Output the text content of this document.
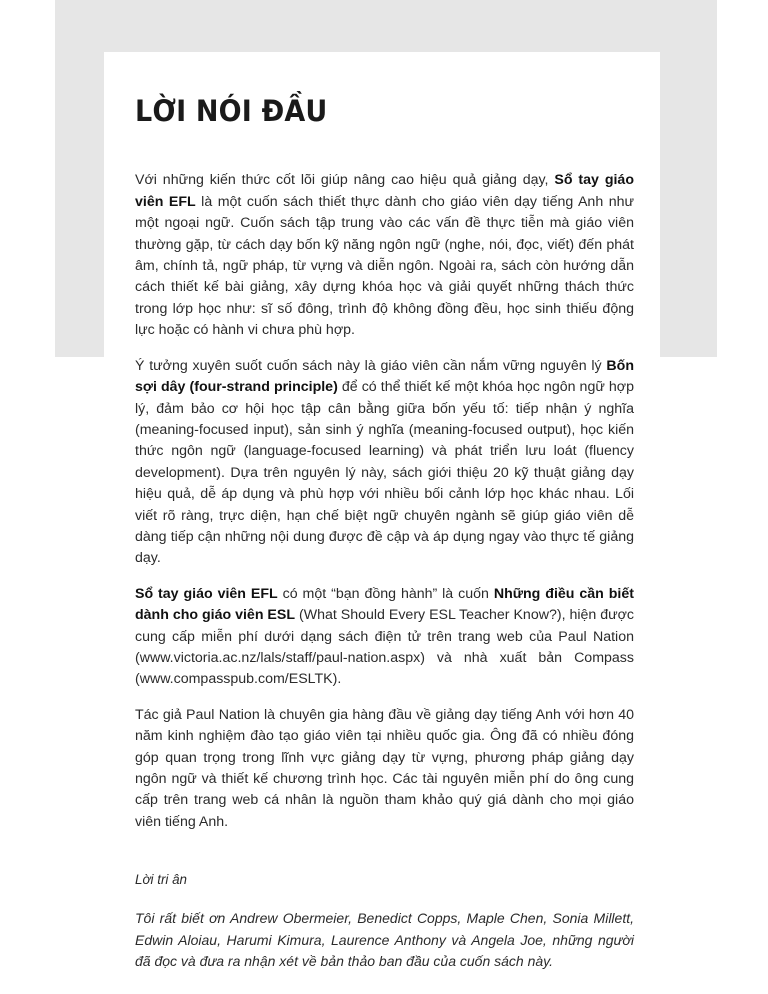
LỜI NÓI ĐẦU

Với những kiến thức cốt lõi giúp nâng cao hiệu quả giảng dạy, Sổ tay giáo viên EFL là một cuốn sách thiết thực dành cho giáo viên dạy tiếng Anh như một ngoại ngữ. Cuốn sách tập trung vào các vấn đề thực tiễn mà giáo viên thường gặp, từ cách dạy bốn kỹ năng ngôn ngữ (nghe, nói, đọc, viết) đến phát âm, chính tả, ngữ pháp, từ vựng và diễn ngôn. Ngoài ra, sách còn hướng dẫn cách thiết kế bài giảng, xây dựng khóa học và giải quyết những thách thức trong lớp học như: sĩ số đông, trình độ không đồng đều, học sinh thiếu động lực hoặc có hành vi chưa phù hợp.

Ý tưởng xuyên suốt cuốn sách này là giáo viên cần nắm vững nguyên lý Bốn sợi dây (four-strand principle) để có thể thiết kế một khóa học ngôn ngữ hợp lý, đảm bảo cơ hội học tập cân bằng giữa bốn yếu tố: tiếp nhận ý nghĩa (meaning-focused input), sản sinh ý nghĩa (meaning-focused output), học kiến thức ngôn ngữ (language-focused learning) và phát triển lưu loát (fluency development). Dựa trên nguyên lý này, sách giới thiệu 20 kỹ thuật giảng dạy hiệu quả, dễ áp dụng và phù hợp với nhiều bối cảnh lớp học khác nhau. Lối viết rõ ràng, trực diện, hạn chế biệt ngữ chuyên ngành sẽ giúp giáo viên dễ dàng tiếp cận những nội dung được đề cập và áp dụng ngay vào thực tế giảng dạy.

Sổ tay giáo viên EFL có một “bạn đồng hành” là cuốn Những điều cần biết dành cho giáo viên ESL (What Should Every ESL Teacher Know?), hiện được cung cấp miễn phí dưới dạng sách điện tử trên trang web của Paul Nation (www.victoria.ac.nz/lals/staff/paul-nation.aspx) và nhà xuất bản Compass (www.compasspub.com/ESLTK).

Tác giả Paul Nation là chuyên gia hàng đầu về giảng dạy tiếng Anh với hơn 40 năm kinh nghiệm đào tạo giáo viên tại nhiều quốc gia. Ông đã có nhiều đóng góp quan trọng trong lĩnh vực giảng dạy từ vựng, phương pháp giảng dạy ngôn ngữ và thiết kế chương trình học. Các tài nguyên miễn phí do ông cung cấp trên trang web cá nhân là nguồn tham khảo quý giá dành cho mọi giáo viên tiếng Anh.

Lời tri ân

Tôi rất biết ơn Andrew Obermeier, Benedict Copps, Maple Chen, Sonia Millett, Edwin Aloiau, Harumi Kimura, Laurence Anthony và Angela Joe, những người đã đọc và đưa ra nhận xét về bản thảo ban đầu của cuốn sách này.
